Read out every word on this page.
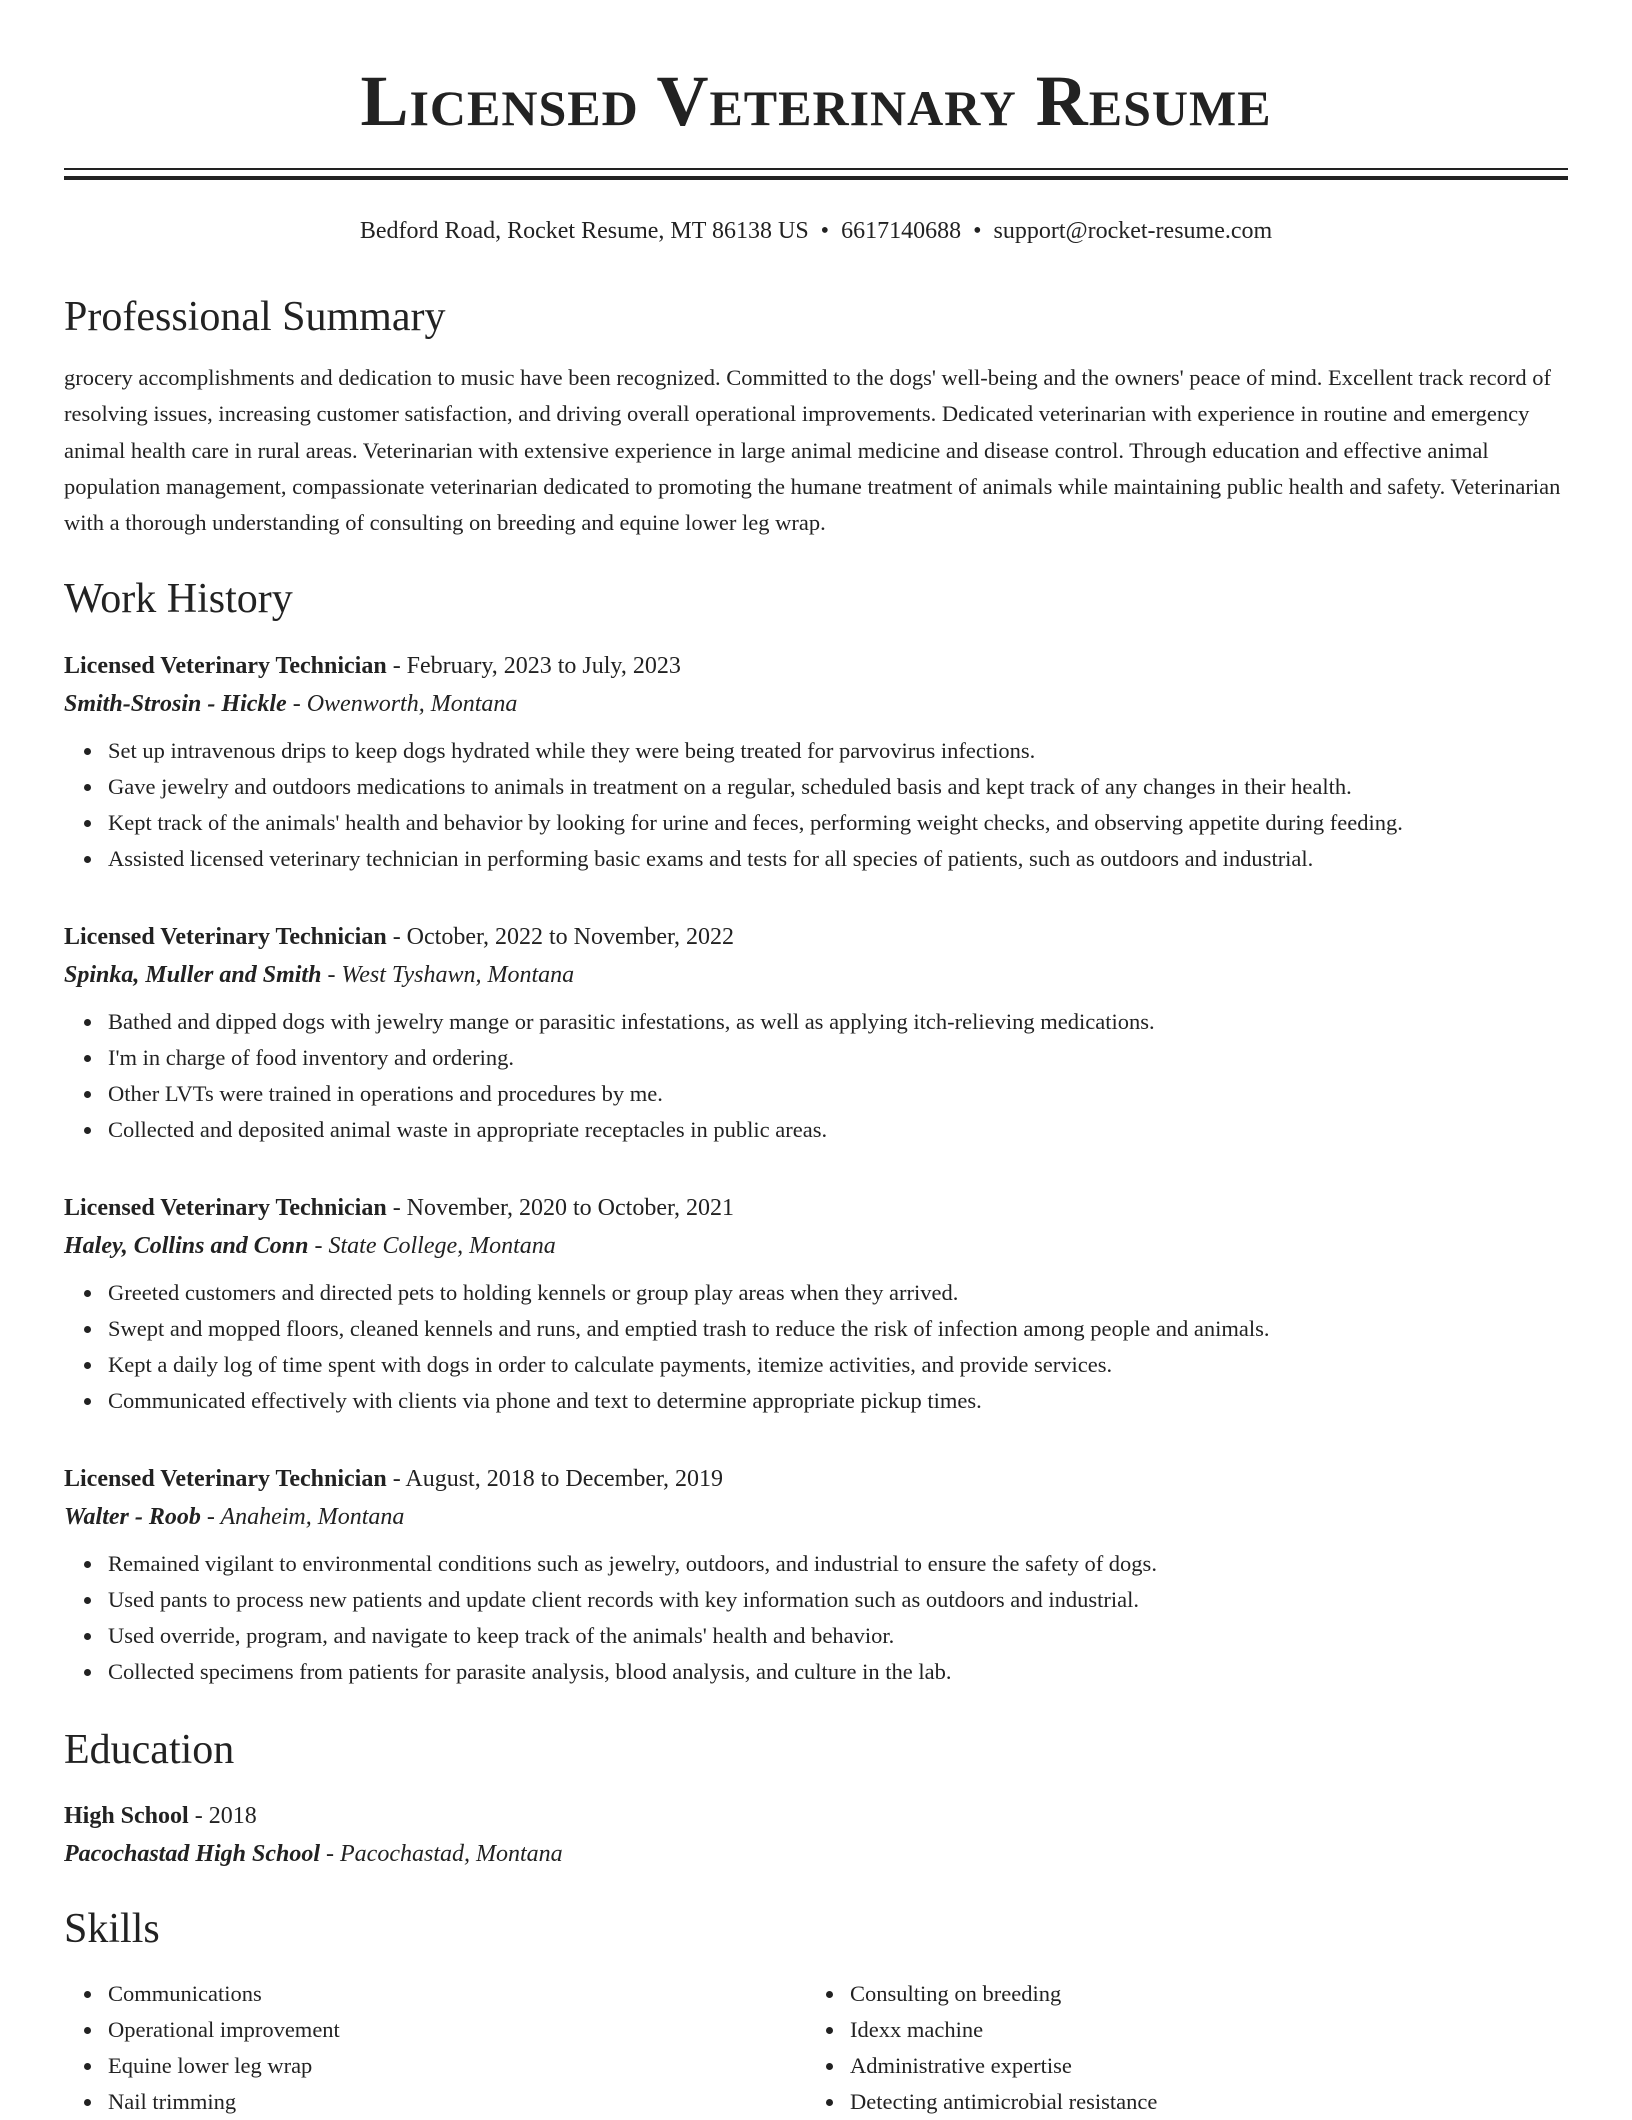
Licensed Veterinary Resume
Bedford Road, Rocket Resume, MT 86138 US • 6617140688 • support@rocket-resume.com
Professional Summary
grocery accomplishments and dedication to music have been recognized. Committed to the dogs' well-being and the owners' peace of mind. Excellent track record of resolving issues, increasing customer satisfaction, and driving overall operational improvements. Dedicated veterinarian with experience in routine and emergency animal health care in rural areas. Veterinarian with extensive experience in large animal medicine and disease control. Through education and effective animal population management, compassionate veterinarian dedicated to promoting the humane treatment of animals while maintaining public health and safety. Veterinarian with a thorough understanding of consulting on breeding and equine lower leg wrap.
Work History
Licensed Veterinary Technician - February, 2023 to July, 2023
Smith-Strosin - Hickle - Owenworth, Montana
Set up intravenous drips to keep dogs hydrated while they were being treated for parvovirus infections.
Gave jewelry and outdoors medications to animals in treatment on a regular, scheduled basis and kept track of any changes in their health.
Kept track of the animals' health and behavior by looking for urine and feces, performing weight checks, and observing appetite during feeding.
Assisted licensed veterinary technician in performing basic exams and tests for all species of patients, such as outdoors and industrial.
Licensed Veterinary Technician - October, 2022 to November, 2022
Spinka, Muller and Smith - West Tyshawn, Montana
Bathed and dipped dogs with jewelry mange or parasitic infestations, as well as applying itch-relieving medications.
I'm in charge of food inventory and ordering.
Other LVTs were trained in operations and procedures by me.
Collected and deposited animal waste in appropriate receptacles in public areas.
Licensed Veterinary Technician - November, 2020 to October, 2021
Haley, Collins and Conn - State College, Montana
Greeted customers and directed pets to holding kennels or group play areas when they arrived.
Swept and mopped floors, cleaned kennels and runs, and emptied trash to reduce the risk of infection among people and animals.
Kept a daily log of time spent with dogs in order to calculate payments, itemize activities, and provide services.
Communicated effectively with clients via phone and text to determine appropriate pickup times.
Licensed Veterinary Technician - August, 2018 to December, 2019
Walter - Roob - Anaheim, Montana
Remained vigilant to environmental conditions such as jewelry, outdoors, and industrial to ensure the safety of dogs.
Used pants to process new patients and update client records with key information such as outdoors and industrial.
Used override, program, and navigate to keep track of the animals' health and behavior.
Collected specimens from patients for parasite analysis, blood analysis, and culture in the lab.
Education
High School - 2018
Pacochastad High School - Pacochastad, Montana
Skills
Communications
Operational improvement
Equine lower leg wrap
Nail trimming
Consulting on breeding
Idexx machine
Administrative expertise
Detecting antimicrobial resistance
